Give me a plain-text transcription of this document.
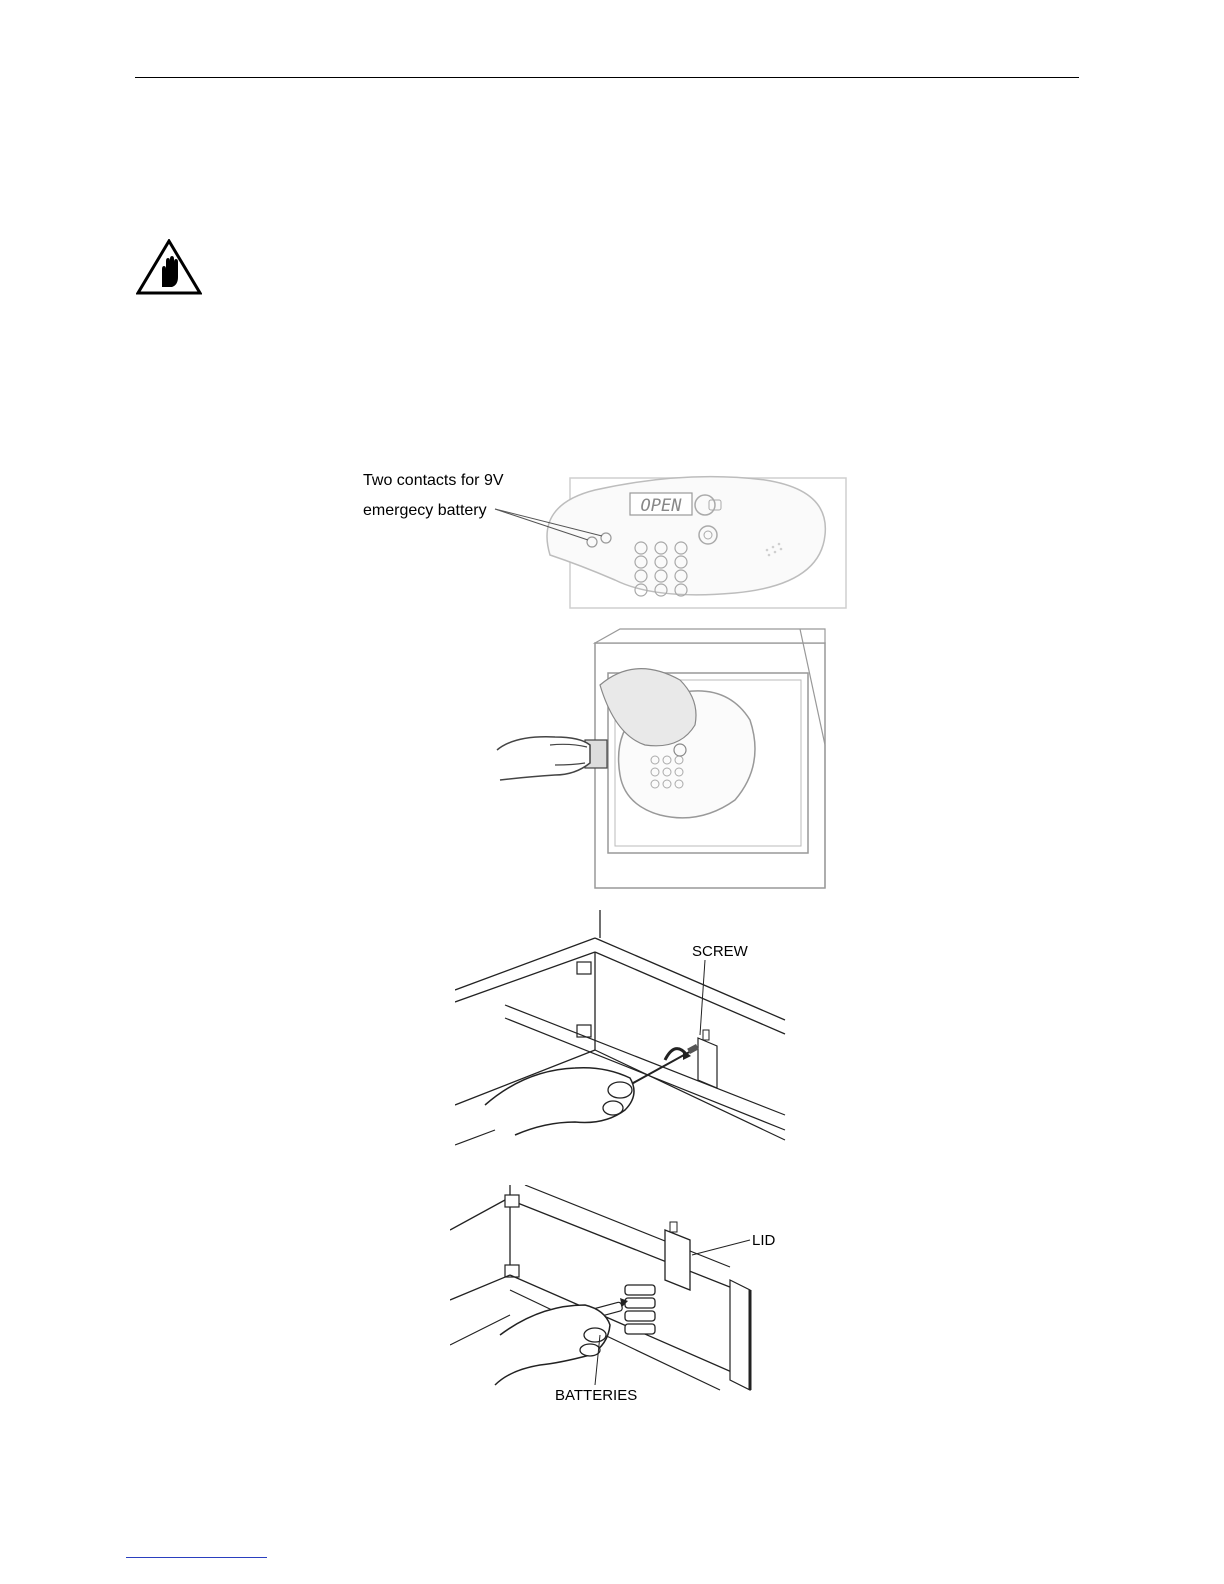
OPEN
Two contacts for 9V
emergecy battery
SCREW
LID
BATTERIES
